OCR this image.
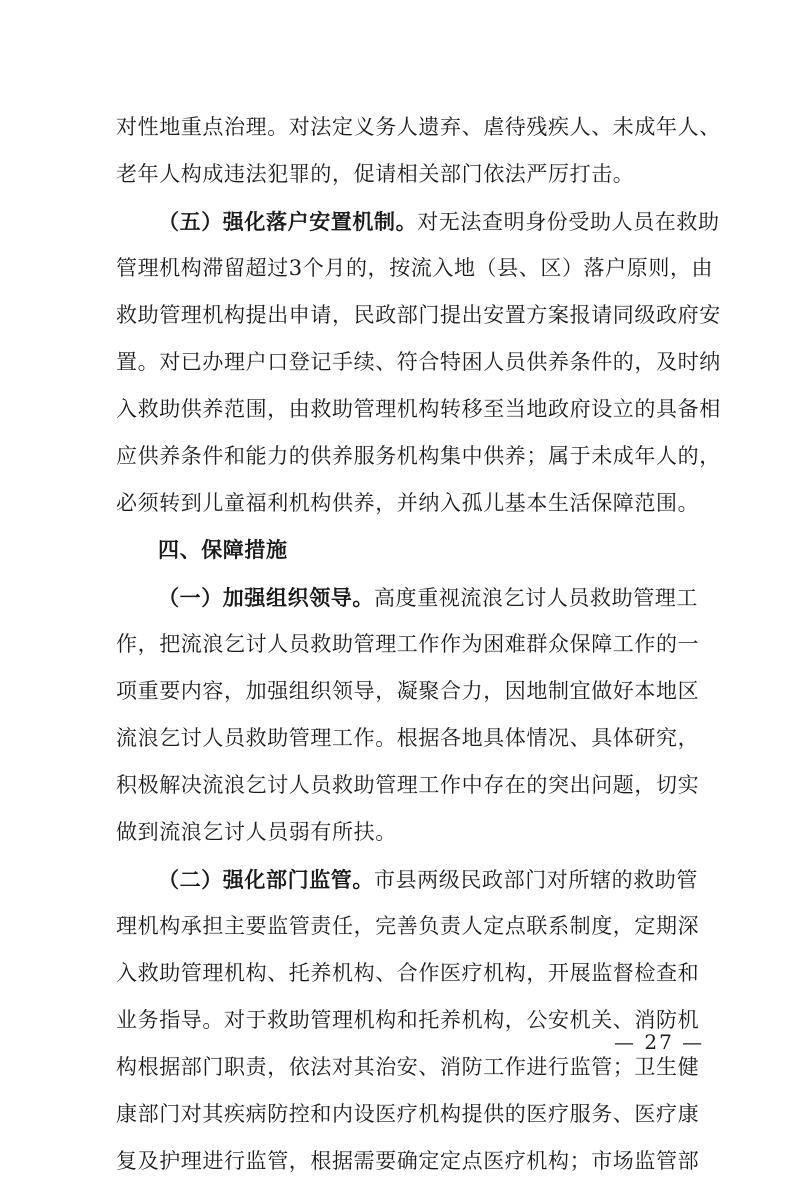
对性地重点治理。对法定义务人遗弃、虐待残疾人、未成年人、
老年人构成违法犯罪的，促请相关部门依法严厉打击。
（五）强化落户安置机制。对无法查明身份受助人员在救助
管理机构滞留超过3个月的，按流入地（县、区）落户原则，由
救助管理机构提出申请，民政部门提出安置方案报请同级政府安
置。对已办理户口登记手续、符合特困人员供养条件的，及时纳
入救助供养范围，由救助管理机构转移至当地政府设立的具备相
应供养条件和能力的供养服务机构集中供养；属于未成年人的，
必须转到儿童福利机构供养，并纳入孤儿基本生活保障范围。
四、保障措施
（一）加强组织领导。高度重视流浪乞讨人员救助管理工
作，把流浪乞讨人员救助管理工作作为困难群众保障工作的一
项重要内容，加强组织领导，凝聚合力，因地制宜做好本地区
流浪乞讨人员救助管理工作。根据各地具体情况、具体研究，
积极解决流浪乞讨人员救助管理工作中存在的突出问题，切实
做到流浪乞讨人员弱有所扶。
（二）强化部门监管。市县两级民政部门对所辖的救助管
理机构承担主要监管责任，完善负责人定点联系制度，定期深
入救助管理机构、托养机构、合作医疗机构，开展监督检查和
业务指导。对于救助管理机构和托养机构，公安机关、消防机
构根据部门职责，依法对其治安、消防工作进行监管；卫生健
康部门对其疾病防控和内设医疗机构提供的医疗服务、医疗康
复及护理进行监管，根据需要确定定点医疗机构；市场监管部
— 27 —
